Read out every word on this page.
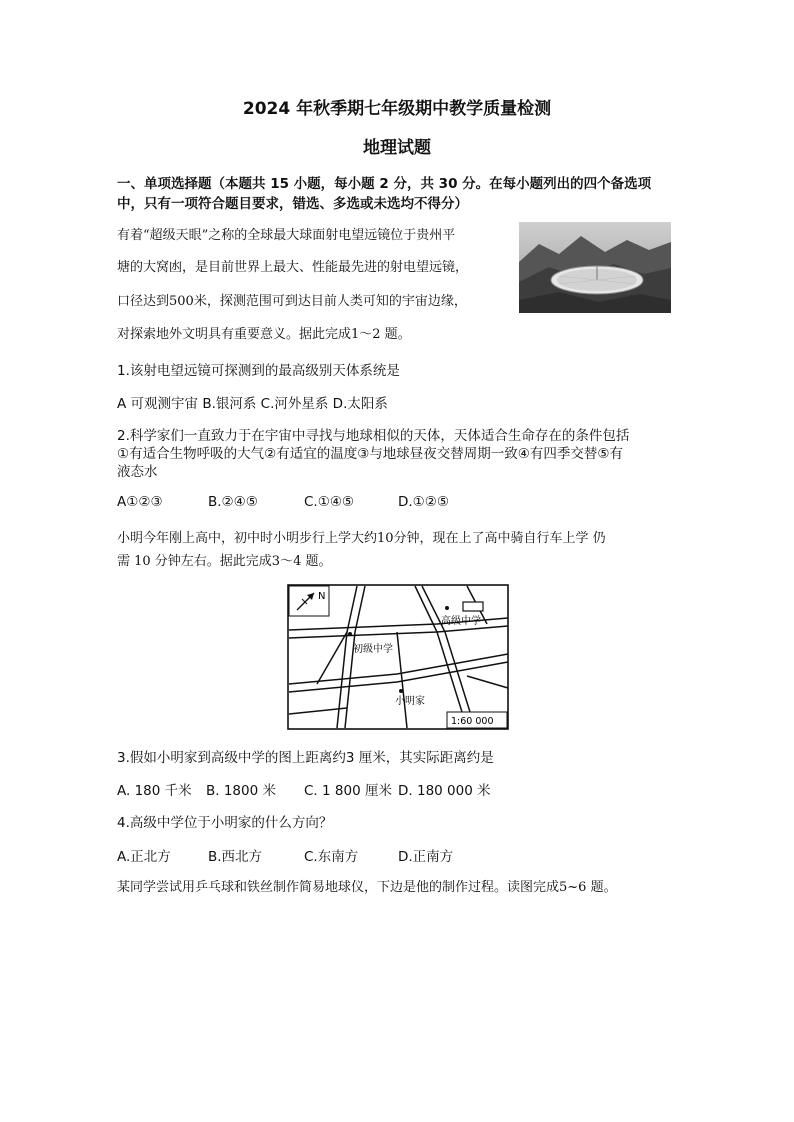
2024 年秋季期七年级期中教学质量检测
地理试题
一、单项选择题（本题共 15 小题，每小题 2 分，共 30 分。在每小题列出的四个备选项
中，只有一项符合题目要求，错选、多选或未选均不得分）
有着“超级天眼”之称的全球最大球面射电望远镜位于贵州平
塘的大窝凼，是目前世界上最大、性能最先进的射电望远镜，
口径达到500米，探测范围可到达目前人类可知的宇宙边缘，
对探索地外文明具有重要意义。据此完成1～2 题。
1.该射电望远镜可探测到的最高级别天体系统是
A 可观测宇宙 B.银河系 C.河外星系 D.太阳系
2.科学家们一直致力于在宇宙中寻找与地球相似的天体，天体适合生命存在的条件包括
①有适合生物呼吸的大气②有适宜的温度③与地球昼夜交替周期一致④有四季交替⑤有
液态水
A①②③	B.②④⑤	C.①④⑤	D.①②⑤
小明今年刚上高中，初中时小明步行上学大约10分钟，现在上了高中骑自行车上学 仍
需 10 分钟左右。据此完成3～4 题。
N
高级中学
初级中学
小明家
1:60 000
3.假如小明家到高级中学的图上距离约3 厘米，其实际距离约是
A. 180 千米 B. 1800 米 C. 1 800 厘米 D. 180 000 米
4.高级中学位于小明家的什么方向？
A.正北方	B.西北方	C.东南方	D.正南方
某同学尝试用乒乓球和铁丝制作简易地球仪，下边是他的制作过程。读图完成5~6 题。
